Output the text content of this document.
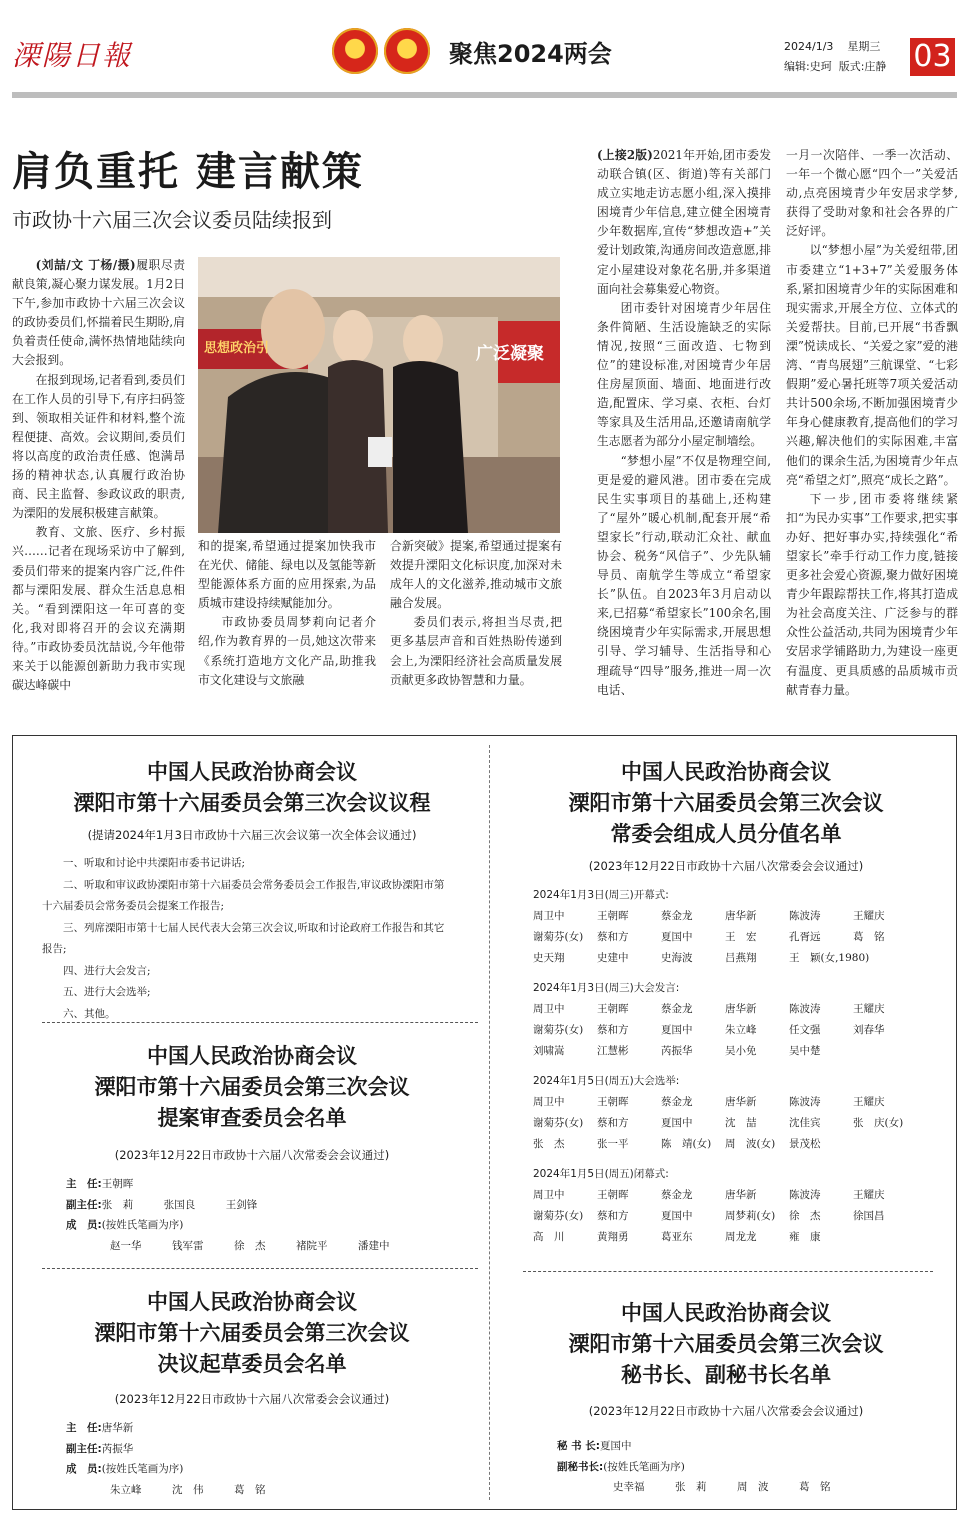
溧陽日報	聚焦2024两会	2024/1/3 星期三
编辑:史珂 版式:庄静 03
肩负重托 建言献策
市政协十六届三次会议委员陆续报到

(刘喆/文 丁杨/摄)履职尽责献良策,凝心聚力谋发展。1月2日下午,参加市政协十六届三次会议的政协委员们,怀揣着民生期盼,肩负着责任使命,满怀热情地陆续向大会报到。

在报到现场,记者看到,委员们在工作人员的引导下,有序扫码签到、领取相关证件和材料,整个流程便捷、高效。会议期间,委员们将以高度的政治责任感、饱满昂扬的精神状态,认真履行政治协商、民主监督、参政议政的职责,为溧阳的发展积极建言献策。

教育、文旅、医疗、乡村振兴……记者在现场采访中了解到,委员们带来的提案内容广泛,件件都与溧阳发展、群众生活息息相关。“看到溧阳这一年可喜的变化,我对即将召开的会议充满期待。”市政协委员沈喆说,今年他带来关于以能源创新助力我市实现碳达峰碳中

思想政治引	广泛凝聚

和的提案,希望通过提案加快我市在光伏、储能、绿电以及氢能等新型能源体系方面的应用探索,为品质城市建设持续赋能加分。

市政协委员周梦莉向记者介绍,作为教育界的一员,她这次带来《系统打造地方文化产品,助推我市文化建设与文旅融

合新突破》提案,希望通过提案有效提升溧阳文化标识度,加深对未成年人的文化滋养,推动城市文旅融合发展。

委员们表示,将担当尽责,把更多基层声音和百姓热盼传递到会上,为溧阳经济社会高质量发展贡献更多政协智慧和力量。

(上接2版)2021年开始,团市委发动联合镇(区、街道)等有关部门成立实地走访志愿小组,深入摸排困境青少年信息,建立健全困境青少年数据库,宣传“梦想改造+”关爱计划政策,沟通房间改造意愿,排定小屋建设对象花名册,并多渠道面向社会募集爱心物资。

团市委针对困境青少年居住条件简陋、生活设施缺乏的实际情况,按照“三面改造、七物到位”的建设标准,对困境青少年居住房屋顶面、墙面、地面进行改造,配置床、学习桌、衣柜、台灯等家具及生活用品,还邀请南航学生志愿者为部分小屋定制墙绘。

“梦想小屋”不仅是物理空间,更是爱的避风港。团市委在完成民生实事项目的基础上,还构建了“屋外”暖心机制,配套开展“希望家长”行动,联动汇众社、献血协会、税务“风信子”、少先队辅导员、南航学生等成立“希望家长”队伍。自2023年3月启动以来,已招募“希望家长”100余名,围绕困境青少年实际需求,开展思想引导、学习辅导、生活指导和心理疏导“四导”服务,推进一周一次电话、

一月一次陪伴、一季一次活动、一年一个微心愿“四个一”关爱活动,点亮困境青少年安居求学梦,获得了受助对象和社会各界的广泛好评。

以“梦想小屋”为关爱纽带,团市委建立“1+3+7”关爱服务体系,紧扣困境青少年的实际困难和现实需求,开展全方位、立体式的关爱帮扶。目前,已开展“书香飘溧”悦读成长、“关爱之家”爱的港湾、“青鸟展翅”三航课堂、“七彩假期”爱心暑托班等7项关爱活动共计500余场,不断加强困境青少年身心健康教育,提高他们的学习兴趣,解决他们的实际困难,丰富他们的课余生活,为困境青少年点亮“希望之灯”,照亮“成长之路”。

下一步,团市委将继续紧扣“为民办实事”工作要求,把实事办好、把好事办实,持续强化“希望家长”牵手行动工作力度,链接更多社会爱心资源,聚力做好困境青少年跟踪帮扶工作,将其打造成为社会高度关注、广泛参与的群众性公益活动,共同为困境青少年安居求学铺路助力,为建设一座更有温度、更具质感的品质城市贡献青春力量。

中国人民政治协商会议
溧阳市第十六届委员会第三次会议议程
(提请2024年1月3日市政协十六届三次会议第一次全体会议通过)

一、听取和讨论中共溧阳市委书记讲话;

二、听取和审议政协溧阳市第十六届委员会常务委员会工作报告,审议政协溧阳市第十六届委员会常务委员会提案工作报告;

三、列席溧阳市第十七届人民代表大会第三次会议,听取和讨论政府工作报告和其它报告;

四、进行大会发言;

五、进行大会选举;

六、其他。

中国人民政治协商会议
溧阳市第十六届委员会第三次会议
提案审查委员会名单
(2023年12月22日市政协十六届八次常委会会议通过)
主　任:王朝晖
副主任:张　莉	张国良	王剑锋
成　员:(按姓氏笔画为序)
赵一华	钱军雷	徐　杰	褚院平	潘建中
中国人民政治协商会议
溧阳市第十六届委员会第三次会议
决议起草委员会名单
(2023年12月22日市政协十六届八次常委会会议通过)
主　任:唐华新
副主任:芮振华
成　员:(按姓氏笔画为序)
朱立峰	沈　伟	葛　铭
中国人民政治协商会议
溧阳市第十六届委员会第三次会议
常委会组成人员分值名单
(2023年12月22日市政协十六届八次常委会会议通过)
2024年1月3日(周三)开幕式:
周卫中	王朝晖	蔡金龙	唐华新	陈波涛	王耀庆
谢菊芬(女)	蔡和方	夏国中	王　宏	孔胥远	葛　铭
史天翔	史建中	史海波	吕燕翔	王　颖(女,1980)
2024年1月3日(周三)大会发言:
周卫中	王朝晖	蔡金龙	唐华新	陈波涛	王耀庆
谢菊芬(女)	蔡和方	夏国中	朱立峰	任文强	刘春华
刘啸嵩	江慧彬	芮振华	吴小免	吴中楚
2024年1月5日(周五)大会选举:
周卫中	王朝晖	蔡金龙	唐华新	陈波涛	王耀庆
谢菊芬(女)	蔡和方	夏国中	沈　喆	沈佳宾	张　庆(女)
张　杰	张一平	陈　靖(女)	周　波(女)	景茂松
2024年1月5日(周五)闭幕式:
周卫中	王朝晖	蔡金龙	唐华新	陈波涛	王耀庆
谢菊芬(女)	蔡和方	夏国中	周梦莉(女)	徐　杰	徐国昌
高　川	黄翔勇	葛亚东	周龙龙	雍　康
中国人民政治协商会议
溧阳市第十六届委员会第三次会议
秘书长、副秘书长名单
(2023年12月22日市政协十六届八次常委会会议通过)
秘 书 长:夏国中
副秘书长:(按姓氏笔画为序)
史幸福	张　莉	周　波	葛　铭
